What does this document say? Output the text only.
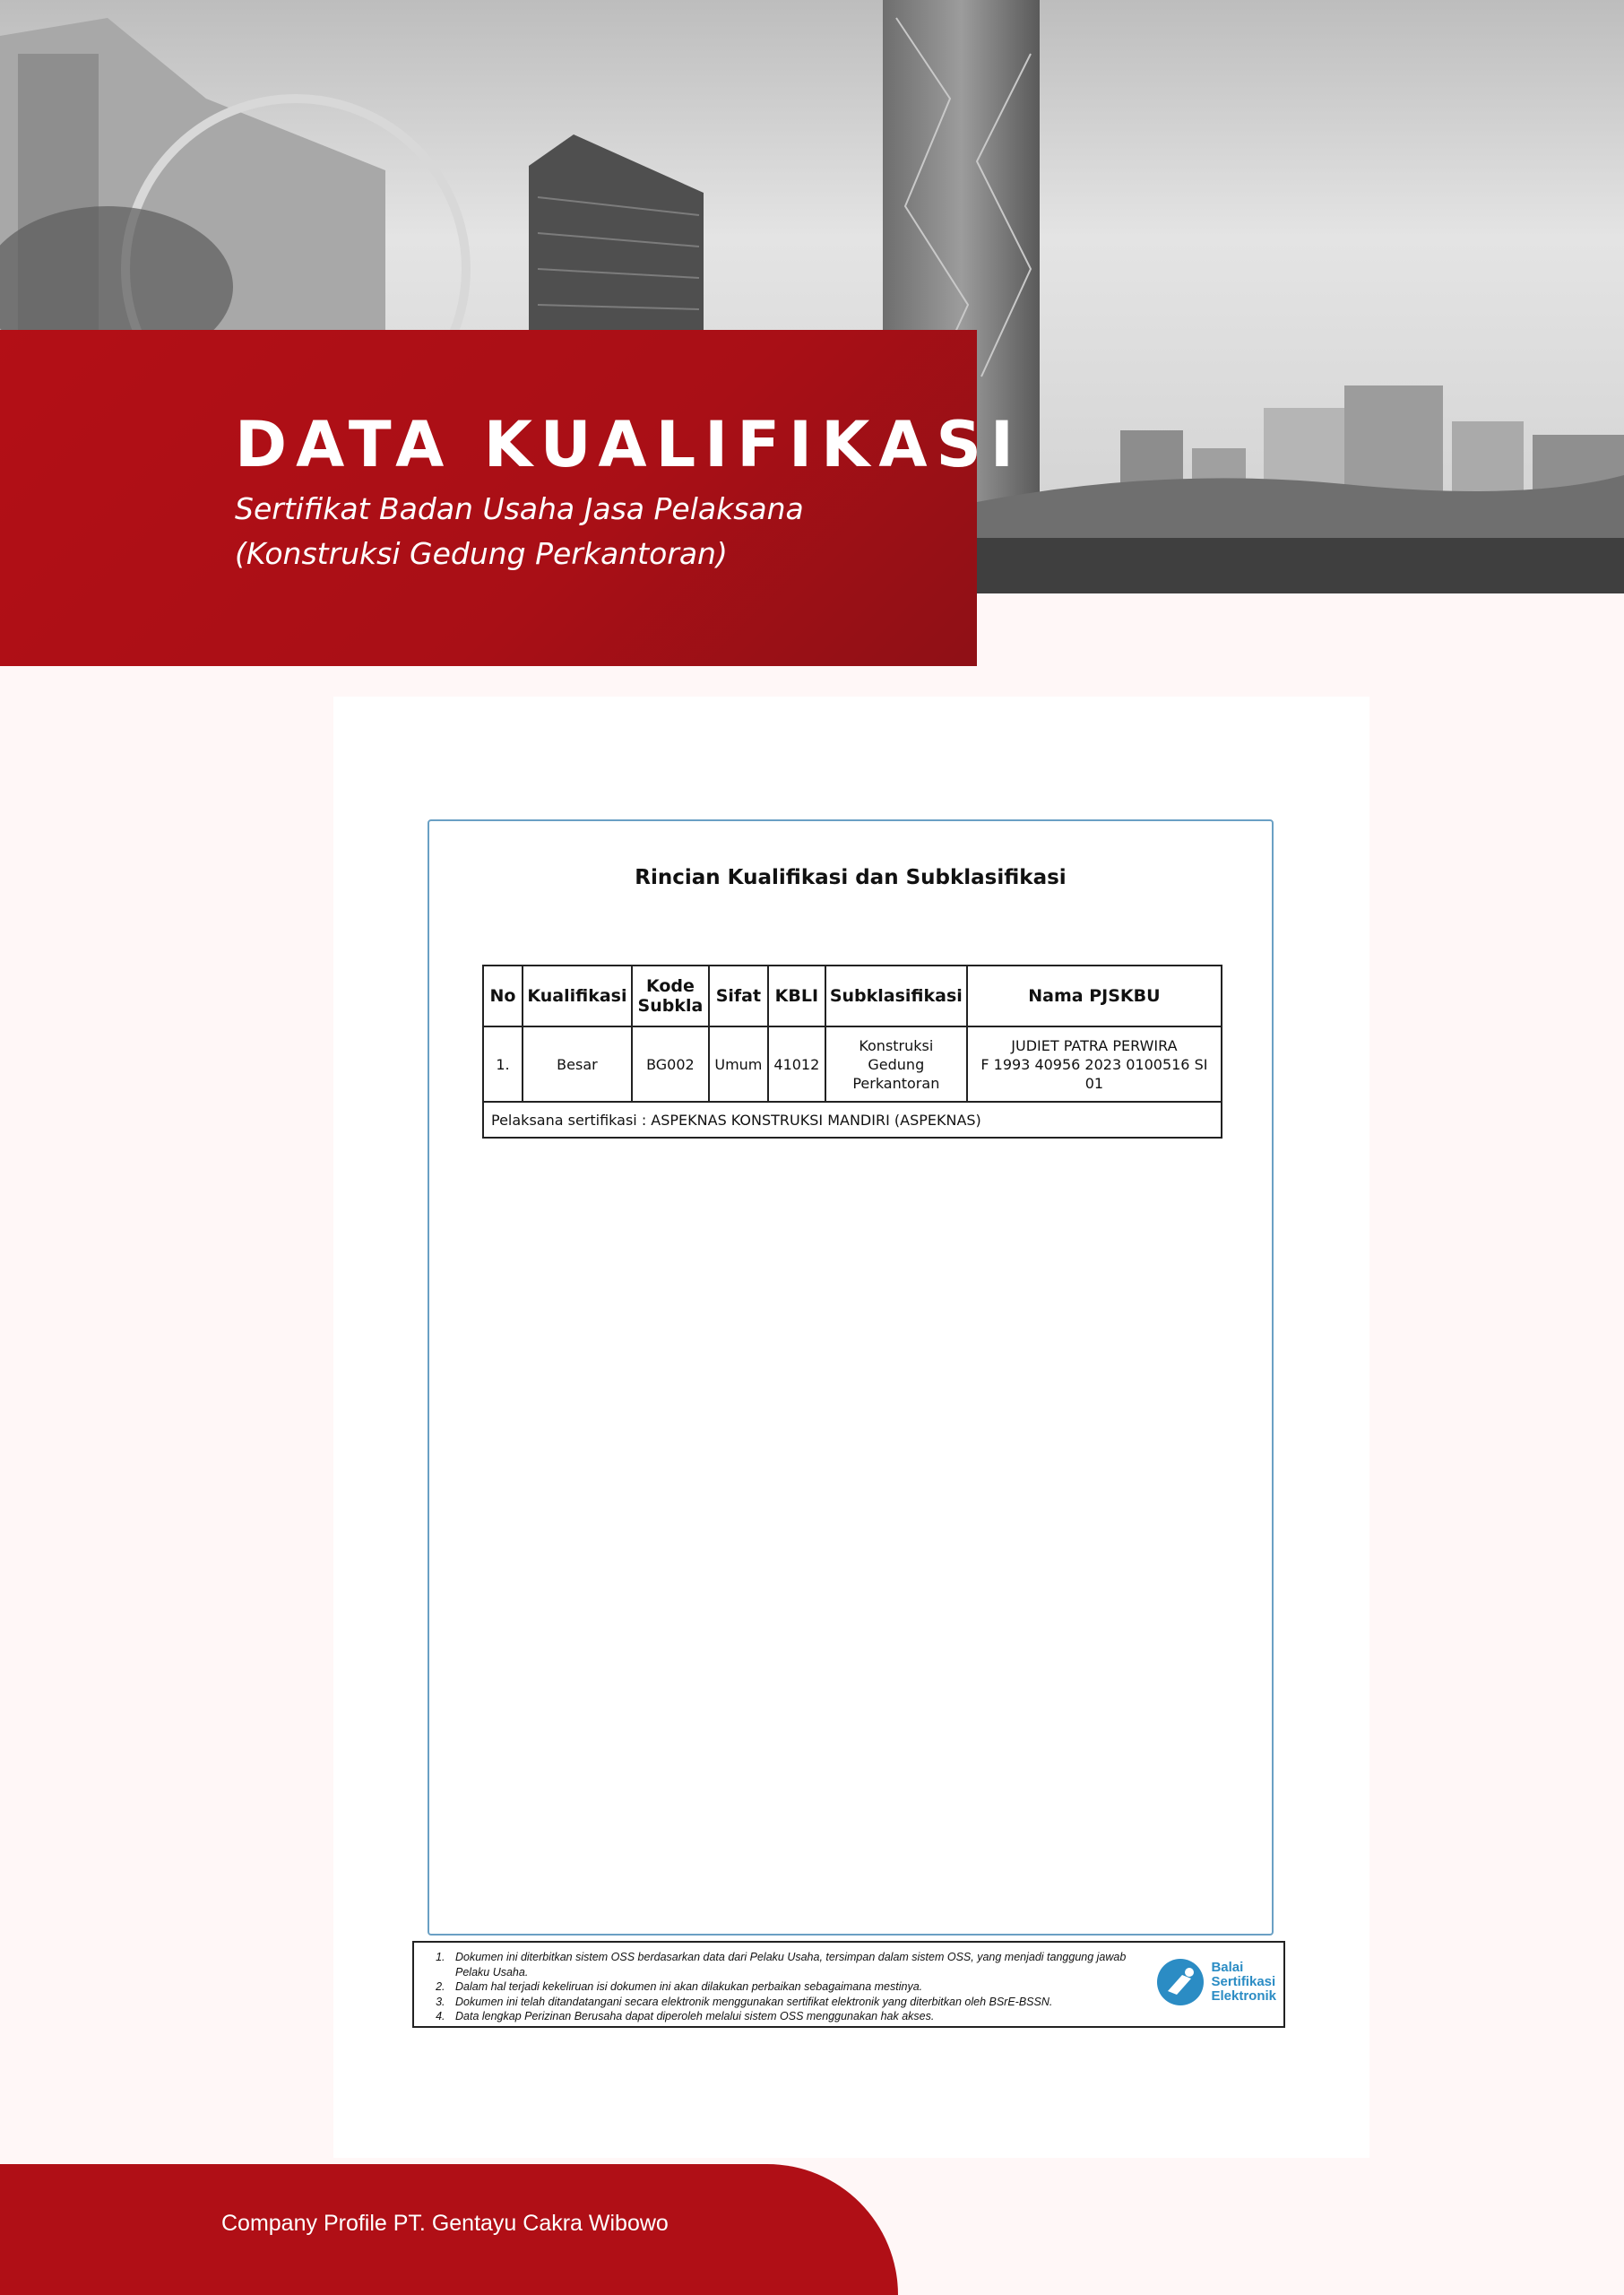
DATA KUALIFIKASI

Sertifikat Badan Usaha Jasa Pelaksana (Konstruksi Gedung Perkantoran)

Rincian Kualifikasi dan Subklasifikasi
No	Kualifikasi	Kode Subkla	Sifat	KBLI	Subklasifikasi	Nama PJSKBU
1.	Besar	BG002	Umum	41012	Konstruksi Gedung Perkantoran	JUDIET PATRA PERWIRA
F 1993 40956 2023 0100516 SI 01

Pelaksana sertifikasi : ASPEKNAS KONSTRUKSI MANDIRI (ASPEKNAS)						
1. Dokumen ini diterbitkan sistem OSS berdasarkan data dari Pelaku Usaha, tersimpan dalam sistem OSS, yang menjadi tanggung jawab Pelaku Usaha.
2. Dalam hal terjadi kekeliruan isi dokumen ini akan dilakukan perbaikan sebagaimana mestinya.
3. Dokumen ini telah ditandatangani secara elektronik menggunakan sertifikat elektronik yang diterbitkan oleh BSrE-BSSN.
4. Data lengkap Perizinan Berusaha dapat diperoleh melalui sistem OSS menggunakan hak akses.
Balai
Sertifikasi
Elektronik

Company Profile PT. Gentayu Cakra Wibowo
